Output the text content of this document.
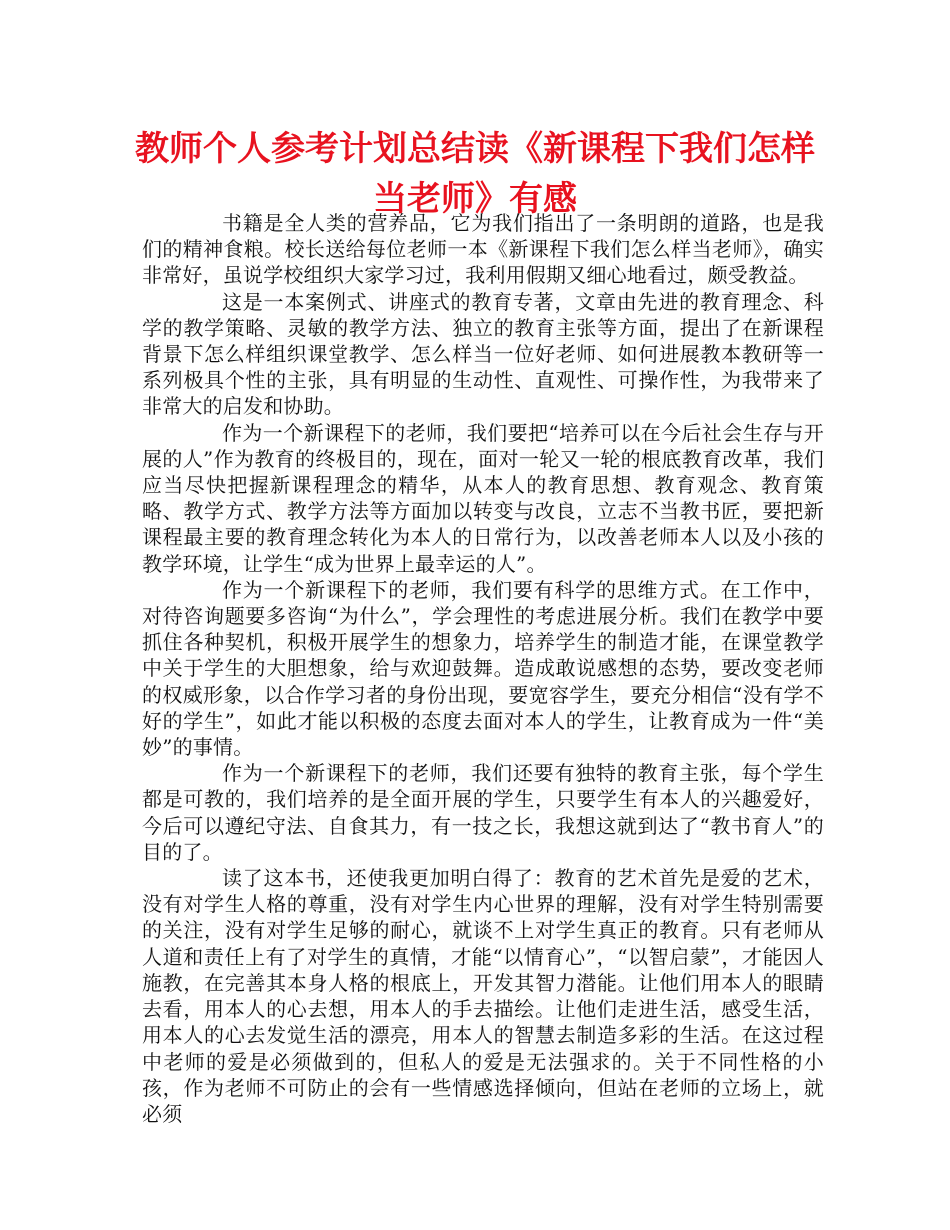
教师个人参考计划总结读《新课程下我们怎样当老师》有感

书籍是全人类的营养品，它为我们指出了一条明朗的道路，也是我们的精神食粮。校长送给每位老师一本《新课程下我们怎么样当老师》，确实非常好，虽说学校组织大家学习过，我利用假期又细心地看过，颇受教益。

这是一本案例式、讲座式的教育专著，文章由先进的教育理念、科学的教学策略、灵敏的教学方法、独立的教育主张等方面，提出了在新课程背景下怎么样组织课堂教学、怎么样当一位好老师、如何进展教本教研等一系列极具个性的主张，具有明显的生动性、直观性、可操作性，为我带来了非常大的启发和协助。

作为一个新课程下的老师，我们要把“培养可以在今后社会生存与开展的人”作为教育的终极目的，现在，面对一轮又一轮的根底教育改革，我们应当尽快把握新课程理念的精华，从本人的教育思想、教育观念、教育策略、教学方式、教学方法等方面加以转变与改良，立志不当教书匠，要把新课程最主要的教育理念转化为本人的日常行为，以改善老师本人以及小孩的教学环境，让学生“成为世界上最幸运的人”。

作为一个新课程下的老师，我们要有科学的思维方式。在工作中，对待咨询题要多咨询“为什么”，学会理性的考虑进展分析。我们在教学中要抓住各种契机，积极开展学生的想象力，培养学生的制造才能，在课堂教学中关于学生的大胆想象，给与欢迎鼓舞。造成敢说感想的态势，要改变老师的权威形象，以合作学习者的身份出现，要宽容学生，要充分相信“没有学不好的学生”，如此才能以积极的态度去面对本人的学生，让教育成为一件“美妙”的事情。

作为一个新课程下的老师，我们还要有独特的教育主张，每个学生都是可教的，我们培养的是全面开展的学生，只要学生有本人的兴趣爱好，今后可以遵纪守法、自食其力，有一技之长，我想这就到达了“教书育人”的目的了。

读了这本书，还使我更加明白得了：教育的艺术首先是爱的艺术，没有对学生人格的尊重，没有对学生内心世界的理解，没有对学生特别需要的关注，没有对学生足够的耐心，就谈不上对学生真正的教育。只有老师从人道和责任上有了对学生的真情，才能“以情育心”，“以智启蒙”，才能因人施教，在完善其本身人格的根底上，开发其智力潜能。让他们用本人的眼睛去看，用本人的心去想，用本人的手去描绘。让他们走进生活，感受生活，用本人的心去发觉生活的漂亮，用本人的智慧去制造多彩的生活。在这过程中老师的爱是必须做到的，但私人的爱是无法强求的。关于不同性格的小孩，作为老师不可防止的会有一些情感选择倾向，但站在老师的立场上，就必须
